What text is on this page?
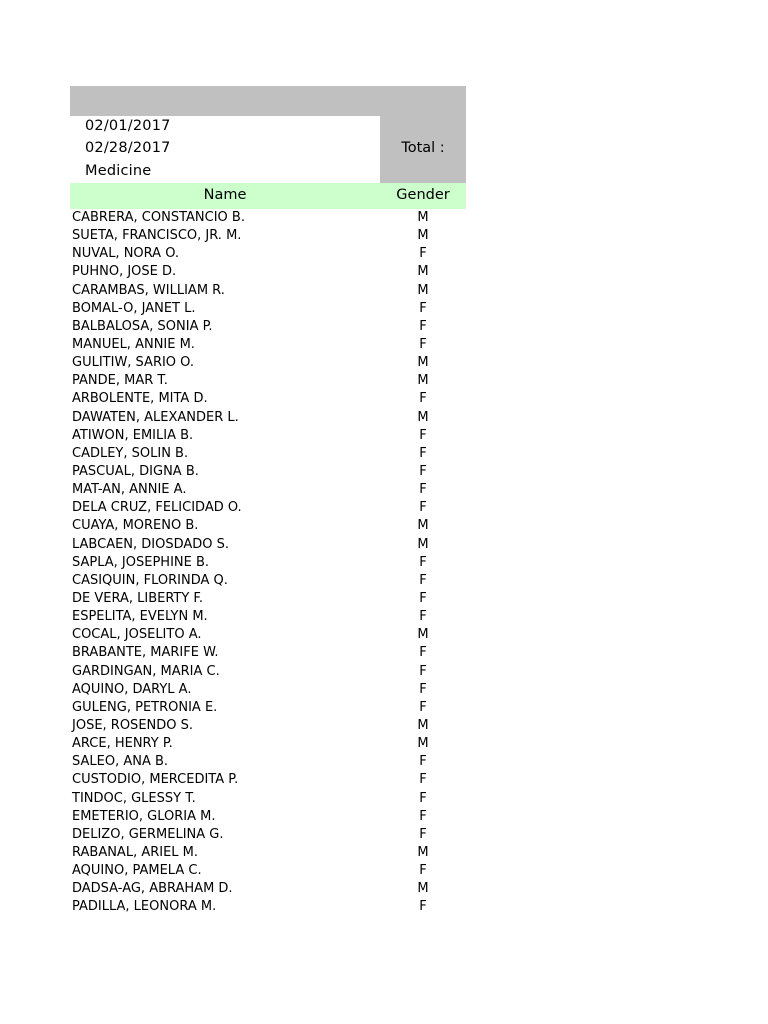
02/01/2017
02/28/2017
Medicine
Total :
Name	Gender
CABRERA, CONSTANCIO B.	M
SUETA, FRANCISCO, JR. M.	M
NUVAL, NORA O.	F
PUHNO, JOSE D.	M
CARAMBAS, WILLIAM R.	M
BOMAL-O, JANET L.	F
BALBALOSA, SONIA P.	F
MANUEL, ANNIE M.	F
GULITIW, SARIO O.	M
PANDE, MAR T.	M
ARBOLENTE, MITA D.	F
DAWATEN, ALEXANDER L.	M
ATIWON, EMILIA B.	F
CADLEY, SOLIN B.	F
PASCUAL, DIGNA B.	F
MAT-AN, ANNIE A.	F
DELA CRUZ, FELICIDAD O.	F
CUAYA, MORENO B.	M
LABCAEN, DIOSDADO S.	M
SAPLA, JOSEPHINE B.	F
CASIQUIN, FLORINDA Q.	F
DE VERA, LIBERTY F.	F
ESPELITA, EVELYN M.	F
COCAL, JOSELITO A.	M
BRABANTE, MARIFE W.	F
GARDINGAN, MARIA C.	F
AQUINO, DARYL A.	F
GULENG, PETRONIA E.	F
JOSE, ROSENDO S.	M
ARCE, HENRY P.	M
SALEO, ANA B.	F
CUSTODIO, MERCEDITA P.	F
TINDOC, GLESSY T.	F
EMETERIO, GLORIA M.	F
DELIZO, GERMELINA G.	F
RABANAL, ARIEL M.	M
AQUINO, PAMELA C.	F
DADSA-AG, ABRAHAM D.	M
PADILLA, LEONORA M.	F
